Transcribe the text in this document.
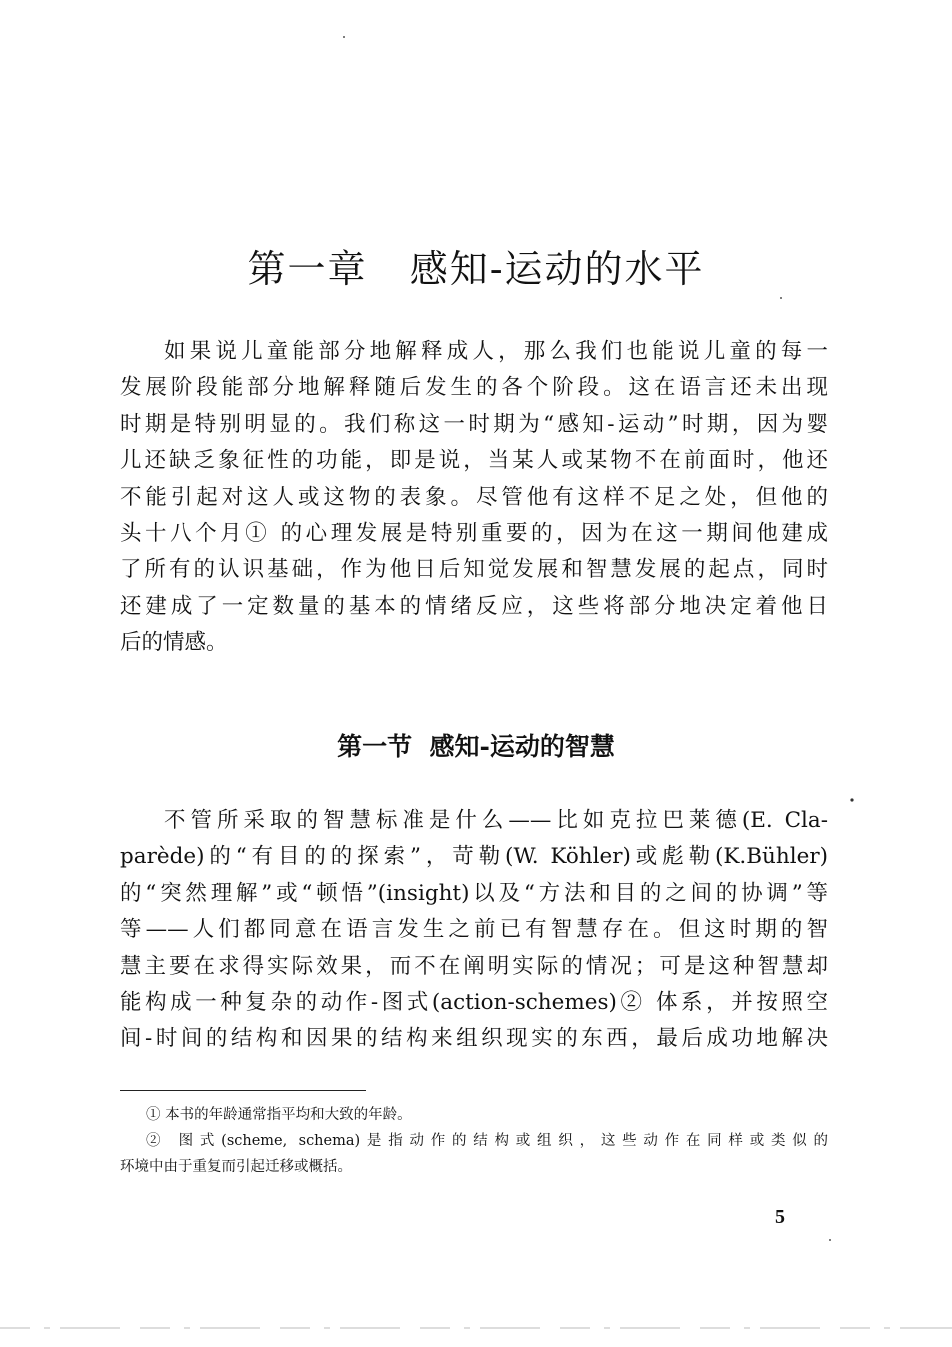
第一章   感知-运动的水平
如果说儿童能部分地解释成人，那么我们也能说儿童的每一
发展阶段能部分地解释随后发生的各个阶段。这在语言还未出现
时期是特别明显的。我们称这一时期为“感知-运动”时期，因为婴
儿还缺乏象征性的功能，即是说，当某人或某物不在前面时，他还
不能引起对这人或这物的表象。尽管他有这样不足之处，但他的
头十八个月① 的心理发展是特别重要的，因为在这一期间他建成
了所有的认识基础，作为他日后知觉发展和智慧发展的起点，同时
还建成了一定数量的基本的情绪反应，这些将部分地决定着他日
后的情感。
第一节  感知-运动的智慧
不管所采取的智慧标准是什么——比如克拉巴莱德(E. Cla-
parède)的“有目的的探索”，苛勒(W. Köhler)或彪勒(K.Bühler)
的“突然理解”或“顿悟”(insight)以及“方法和目的之间的协调”等
等——人们都同意在语言发生之前已有智慧存在。但这时期的智
慧主要在求得实际效果，而不在阐明实际的情况；可是这种智慧却
能构成一种复杂的动作-图式(action-schemes)② 体系，并按照空
间-时间的结构和因果的结构来组织现实的东西，最后成功地解决
① 本书的年龄通常指平均和大致的年龄。
② 图式(scheme, schema)是指动作的结构或组织，这些动作在同样或类似的
环境中由于重复而引起迁移或概括。
5
